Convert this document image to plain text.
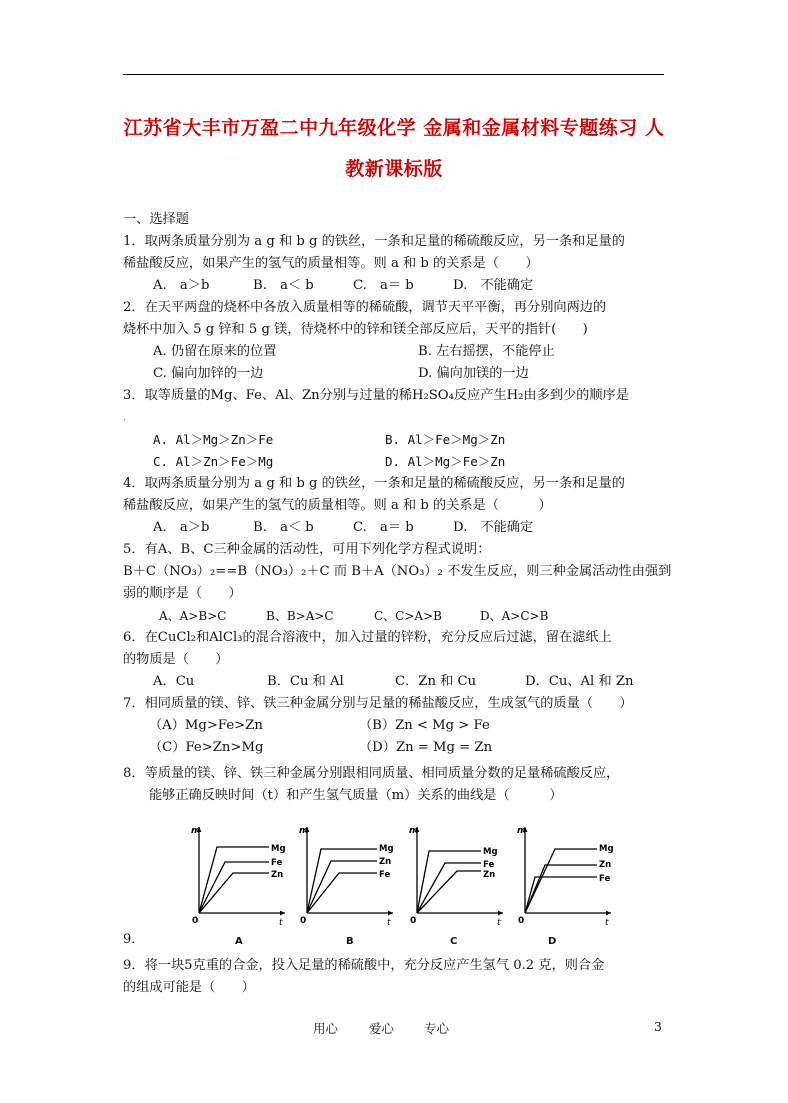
江苏省大丰市万盈二中九年级化学 金属和金属材料专题练习 人
教新课标版
一、选择题
1．取两条质量分别为 a g 和 b g 的铁丝，一条和足量的稀硫酸反应，另一条和足量的
稀盐酸反应，如果产生的氢气的质量相等。则 a 和 b 的关系是（　　）
A.　a＞b	B.　a＜ b	C.　a＝ b	D.　不能确定
2．在天平两盘的烧杯中各放入质量相等的稀硫酸，调节天平平衡，再分别向两边的
烧杯中加入 5 g 锌和 5 g 镁，待烧杯中的锌和镁全部反应后，天平的指针(　　)
A. 仍留在原来的位置	B. 左右摇摆，不能停止
C. 偏向加锌的一边	D. 偏向加镁的一边
3．取等质量的Mg、Fe、Al、Zn分别与过量的稀H₂SO₄反应产生H₂由多到少的顺序是
．
A. Al＞Mg＞Zn＞Fe	B. Al＞Fe＞Mg＞Zn
C. Al＞Zn＞Fe＞Mg	D. Al＞Mg＞Fe＞Zn
4．取两条质量分别为 a g 和 b g 的铁丝，一条和足量的稀硫酸反应，另一条和足量的
稀盐酸反应，如果产生的氢气的质量相等。则 a 和 b 的关系是（　　　）
A.　a＞b	B.　a＜ b	C.　a＝ b	D.　不能确定
5．有A、B、C三种金属的活动性，可用下列化学方程式说明：
B＋C（NO₃）₂==B（NO₃）₂＋C 而 B＋A（NO₃）₂ 不发生反应，则三种金属活动性由强到
弱的顺序是（　　）
A、A>B>C	B、B>A>C	C、C>A>B	D、A>C>B
6．在CuCl₂和AlCl₃的混合溶液中，加入过量的锌粉，充分反应后过滤，留在滤纸上
的物质是（　　）
A．Cu	B．Cu 和 Al	C．Zn 和 Cu	D．Cu、Al 和 Zn
7．相同质量的镁、锌、铁三种金属分别与足量的稀盐酸反应，生成氢气的质量（　　）
（A）Mg>Fe>Zn	（B）Zn < Mg > Fe
（C）Fe>Zn>Mg	（D）Zn = Mg = Zn
8．等质量的镁、锌、铁三种金属分别跟相同质量、相同质量分数的足量稀硫酸反应，
能够正确反映时间（t）和产生氢气质量（m）关系的曲线是（　　　）
m
t
0
Mg
Fe
Zn
m
t
0
Mg
Zn
Fe
m
t
0
Mg
Fe
Zn
m
t
0
Mg
Zn
Fe
9．	A	B	C	D
9．将一块5克重的合金，投入足量的稀硫酸中，充分反应产生氢气 0.2 克，则合金
的组成可能是（　　）
用心 爱心 专心	3
